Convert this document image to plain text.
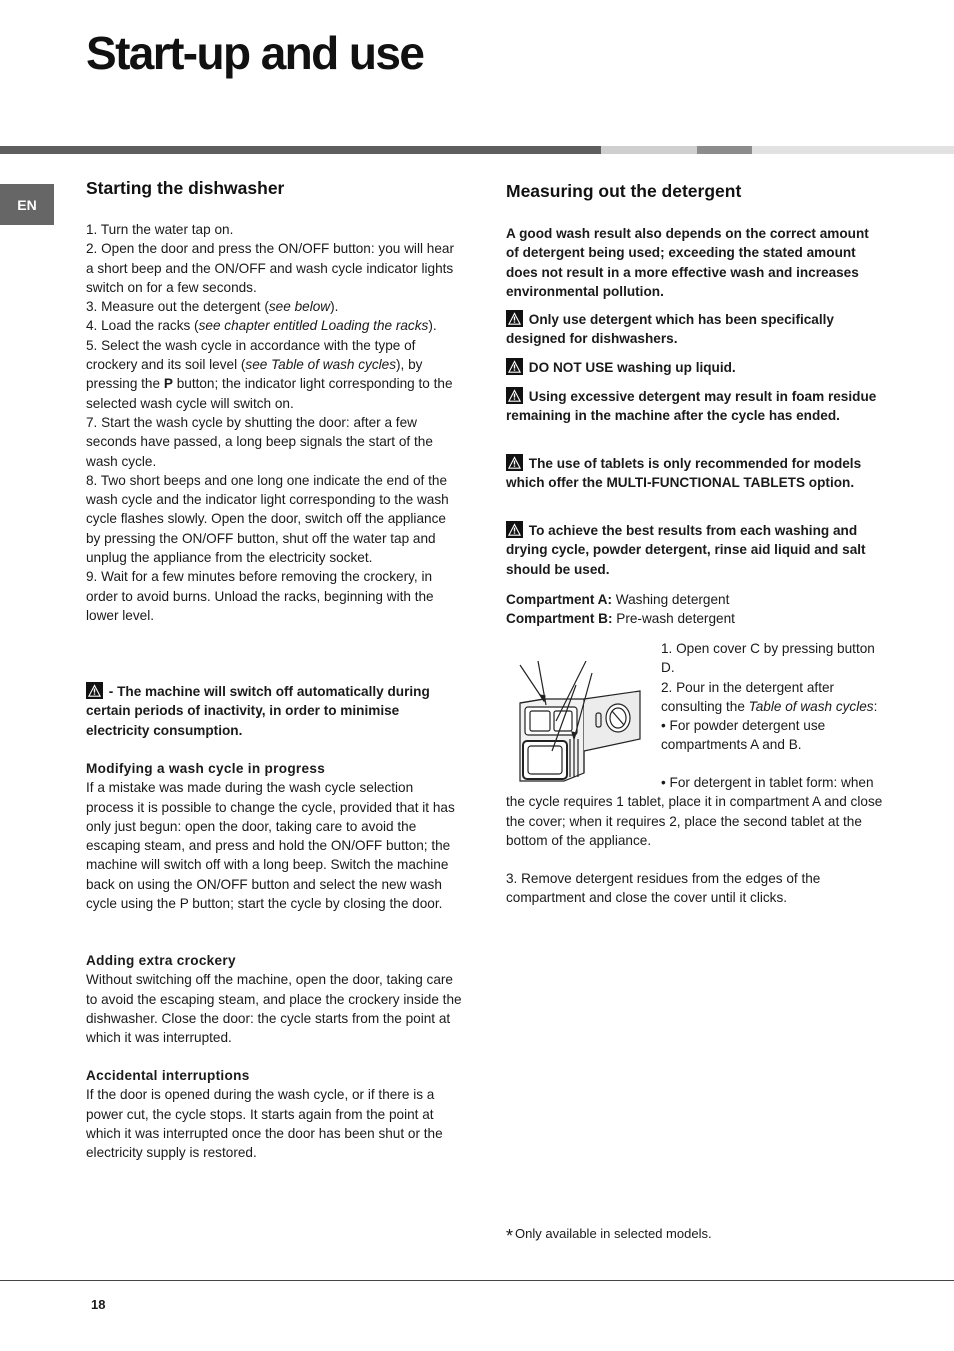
Start-up and use
EN
Starting the dishwasher

1. Turn the water tap on.

2. Open the door and press the ON/OFF button: you will hear a short beep and the ON/OFF and wash cycle indicator lights switch on for a few seconds.

3. Measure out the detergent (see below).

4. Load the racks (see chapter entitled Loading the racks).

5. Select the wash cycle in accordance with the type of crockery and its soil level (see Table of wash cycles), by pressing the P button; the indicator light corresponding to the selected wash cycle will switch on.

7. Start the wash cycle by shutting the door: after a few seconds have passed, a long beep signals the start of the wash cycle.

8. Two short beeps and one long one indicate the end of the wash cycle and the indicator light corresponding to the wash cycle flashes slowly. Open the door, switch off the appliance by pressing the ON/OFF button, shut off the water tap and unplug the appliance from the electricity socket.

9. Wait for a few minutes before removing the crockery, in order to avoid burns. Unload the racks, beginning with the lower level.

- The machine will switch off automatically during certain periods of inactivity, in order to minimise electricity consumption.

Modifying a wash cycle in progress

If a mistake was made during the wash cycle selection process it is possible to change the cycle, provided that it has only just begun: open the door, taking care to avoid the escaping steam, and press and hold the ON/OFF button; the machine will switch off with a long beep. Switch the machine back on using the ON/OFF button and select the new wash cycle using the P button; start the cycle by closing the door.

Adding extra crockery

Without switching off the machine, open the door, taking care to avoid the escaping steam, and place the crockery inside the dishwasher. Close the door: the cycle starts from the point at which it was interrupted.

Accidental interruptions

If the door is opened during the wash cycle, or if there is a power cut, the cycle stops. It starts again from the point at which it was interrupted once the door has been shut or the electricity supply is restored.

Measuring out the detergent

A good wash result also depends on the correct amount of detergent being used; exceeding the stated amount does not result in a more effective wash and increases environmental pollution.

Only use detergent which has been specifically designed for dishwashers.

DO NOT USE washing up liquid.

Using excessive detergent may result in foam residue remaining in the machine after the cycle has ended.

The use of tablets is only recommended for models which offer the MULTI-FUNCTIONAL TABLETS option.

To achieve the best results from each washing and drying cycle, powder detergent, rinse aid liquid and salt should be used.

Compartment A: Washing detergent

Compartment B: Pre-wash detergent

1. Open cover C by pressing button D.

2. Pour in the detergent after consulting the Table of wash cycles:

• For powder detergent use compartments A and B.

• For detergent in tablet form: when the cycle requires 1 tablet, place it in compartment A and close the cover; when it requires 2, place the second tablet at the bottom of the appliance.

3. Remove detergent residues from the edges of the compartment and close the cover until it clicks.

* Only available in selected models.
18
